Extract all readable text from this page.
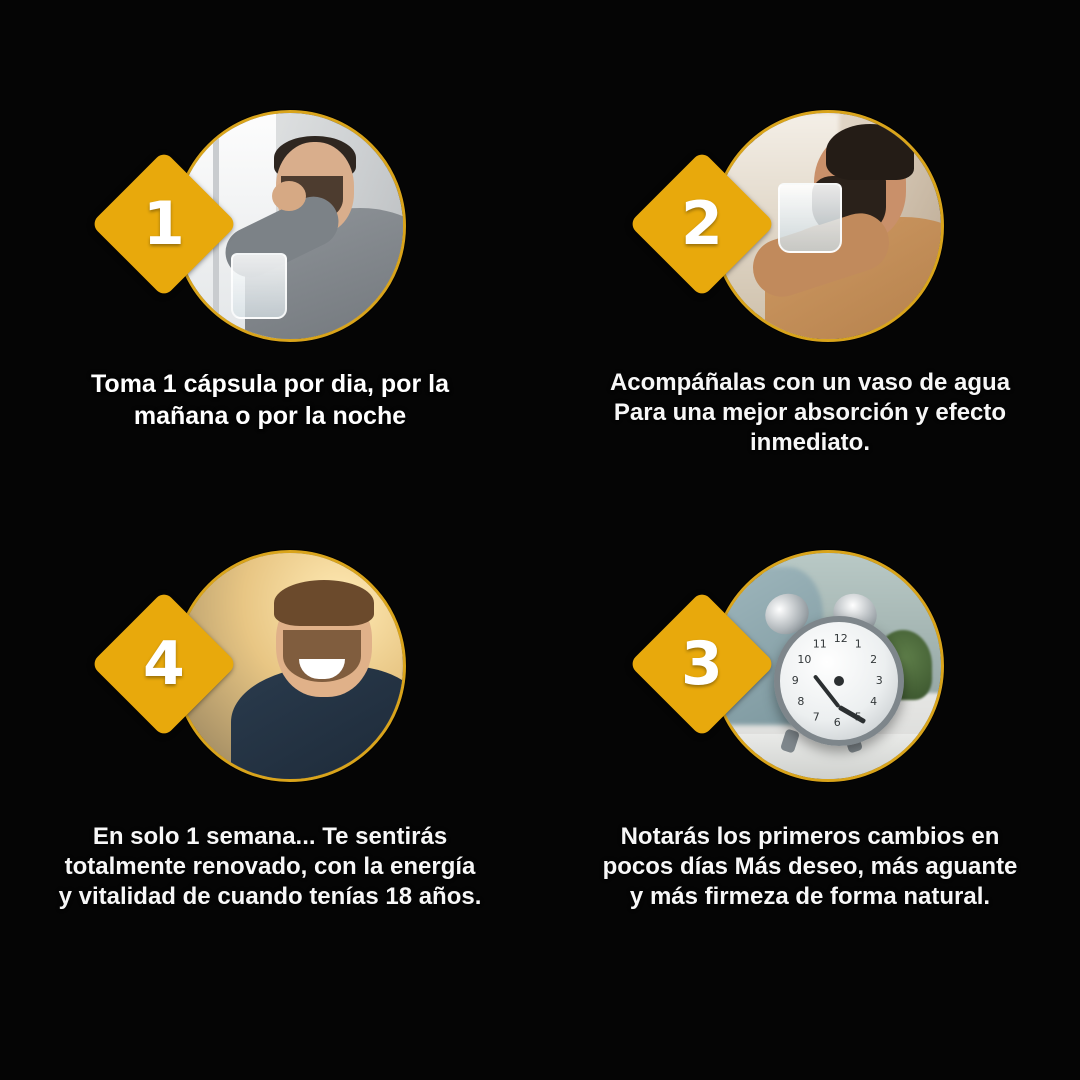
1
Toma 1 cápsula por dia, por la mañana o por la noche
2
Acompáñalas con un vaso de agua Para una mejor absorción y efecto inmediato.
4
En solo 1 semana... Te sentirás totalmente renovado, con la energía y vitalidad de cuando tenías 18 años.
12 1
2
3
4
5
6
7
8
9
10
11
3
Notarás los primeros cambios en pocos días Más deseo, más aguante y más firmeza de forma natural.
